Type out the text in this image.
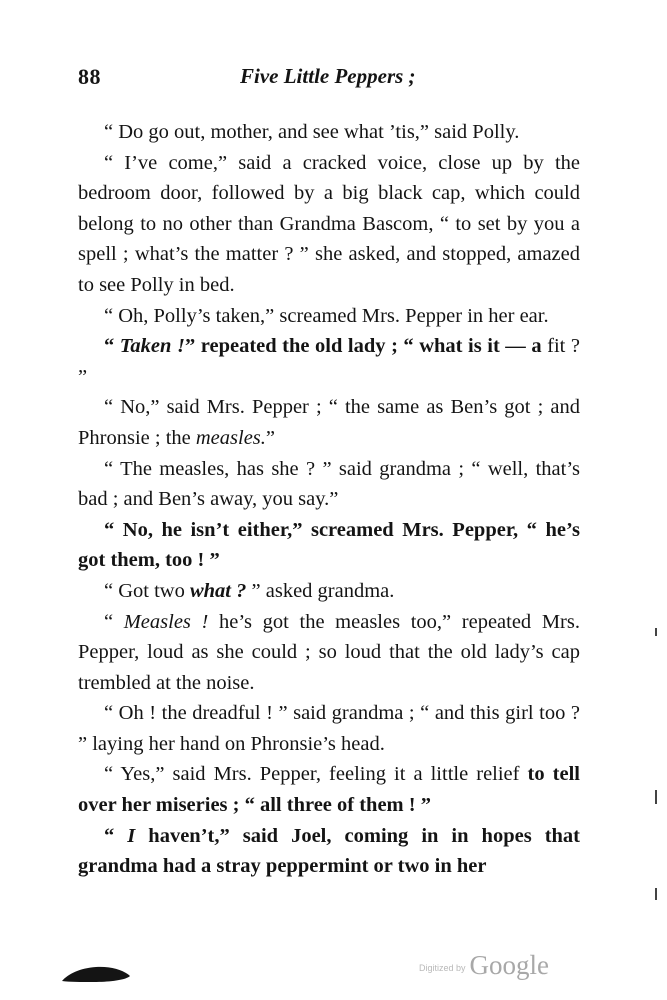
88	Five Little Peppers ;

“ Do go out, mother, and see what ’tis,” said Polly.

“ I’ve come,” said a cracked voice, close up by the bedroom door, followed by a big black cap, which could belong to no other than Grandma Bascom, “ to set by you a spell ; what’s the matter ? ” she asked, and stopped, amazed to see Polly in bed.

“ Oh, Polly’s taken,” screamed Mrs. Pepper in her ear.

“ Taken !” repeated the old lady ; “ what is it — a fit ? ”

“ No,” said Mrs. Pepper ; “ the same as Ben’s got ; and Phronsie ; the measles.”

“ The measles, has she ? ” said grandma ; “ well, that’s bad ; and Ben’s away, you say.”

“ No, he isn’t either,” screamed Mrs. Pepper, “ he’s got them, too ! ”

“ Got two what ? ” asked grandma.

“ Measles ! he’s got the measles too,” repeated Mrs. Pepper, loud as she could ; so loud that the old lady’s cap trembled at the noise.

“ Oh ! the dreadful ! ” said grandma ; “ and this girl too ? ” laying her hand on Phronsie’s head.

“ Yes,” said Mrs. Pepper, feeling it a little relief to tell over her miseries ; “ all three of them ! ”

“ I haven’t,” said Joel, coming in in hopes that grandma had a stray peppermint or two in her

Digitized by Google
